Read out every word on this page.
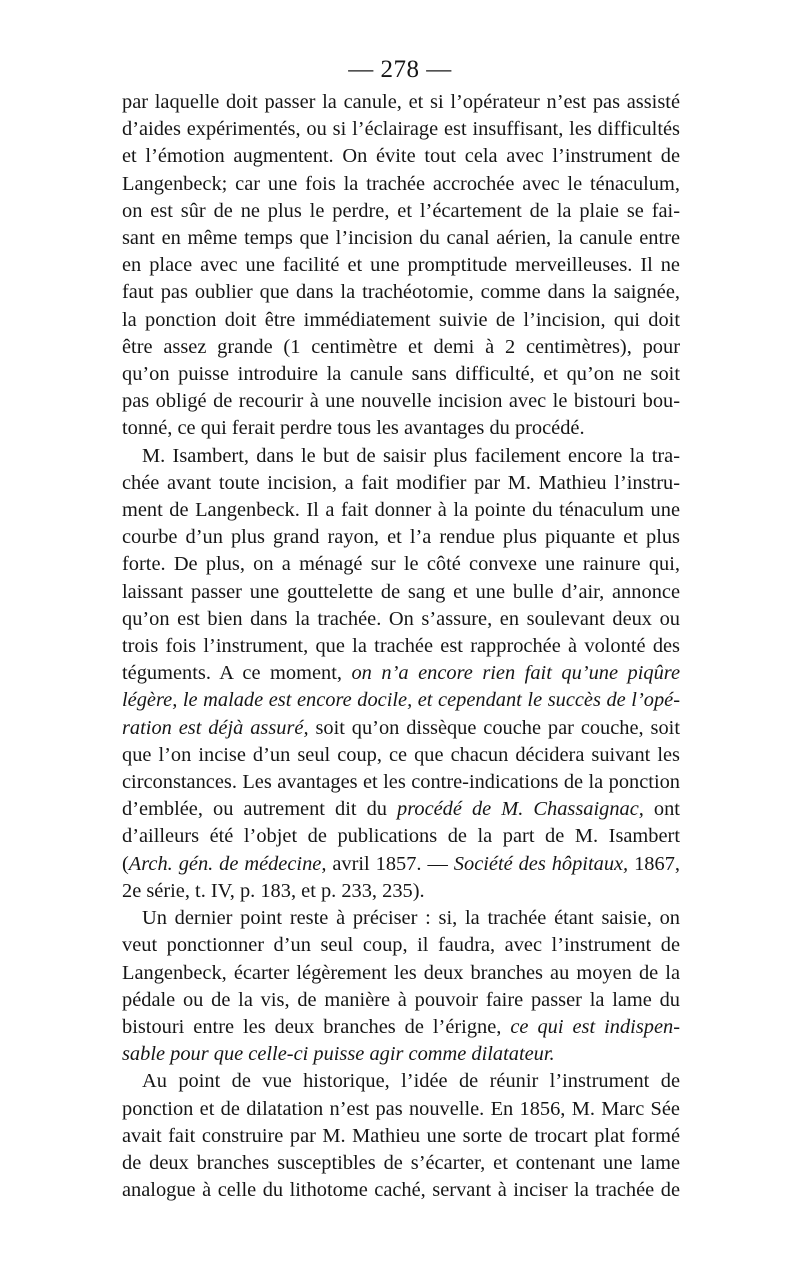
— 278 —

par laquelle doit passer la canule, et si l’opérateur n’est pas assisté

d’aides expérimentés, ou si l’éclairage est insuffisant, les difficultés

et l’émotion augmentent. On évite tout cela avec l’instrument de

Langenbeck; car une fois la trachée accrochée avec le ténaculum,

on est sûr de ne plus le perdre, et l’écartement de la plaie se fai-

sant en même temps que l’incision du canal aérien, la canule entre

en place avec une facilité et une promptitude merveilleuses. Il ne

faut pas oublier que dans la trachéotomie, comme dans la saignée,

la ponction doit être immédiatement suivie de l’incision, qui doit

être assez grande (1 centimètre et demi à 2 centimètres), pour

qu’on puisse introduire la canule sans difficulté, et qu’on ne soit

pas obligé de recourir à une nouvelle incision avec le bistouri bou-

tonné, ce qui ferait perdre tous les avantages du procédé.

M. Isambert, dans le but de saisir plus facilement encore la tra-

chée avant toute incision, a fait modifier par M. Mathieu l’instru-

ment de Langenbeck. Il a fait donner à la pointe du ténaculum une

courbe d’un plus grand rayon, et l’a rendue plus piquante et plus

forte. De plus, on a ménagé sur le côté convexe une rainure qui,

laissant passer une gouttelette de sang et une bulle d’air, annonce

qu’on est bien dans la trachée. On s’assure, en soulevant deux ou

trois fois l’instrument, que la trachée est rapprochée à volonté des

téguments. A ce moment, on n’a encore rien fait qu’une piqûre

légère, le malade est encore docile, et cependant le succès de l’opé-

ration est déjà assuré, soit qu’on dissèque couche par couche, soit

que l’on incise d’un seul coup, ce que chacun décidera suivant les

circonstances. Les avantages et les contre-indications de la ponction

d’emblée, ou autrement dit du procédé de M. Chassaignac, ont

d’ailleurs été l’objet de publications de la part de M. Isambert

(Arch. gén. de médecine, avril 1857. — Société des hôpitaux, 1867,

2e série, t. IV, p. 183, et p. 233, 235).

Un dernier point reste à préciser : si, la trachée étant saisie, on

veut ponctionner d’un seul coup, il faudra, avec l’instrument de

Langenbeck, écarter légèrement les deux branches au moyen de la

pédale ou de la vis, de manière à pouvoir faire passer la lame du

bistouri entre les deux branches de l’érigne, ce qui est indispen-

sable pour que celle-ci puisse agir comme dilatateur.

Au point de vue historique, l’idée de réunir l’instrument de

ponction et de dilatation n’est pas nouvelle. En 1856, M. Marc Sée

avait fait construire par M. Mathieu une sorte de trocart plat formé

de deux branches susceptibles de s’écarter, et contenant une lame

analogue à celle du lithotome caché, servant à inciser la trachée de
